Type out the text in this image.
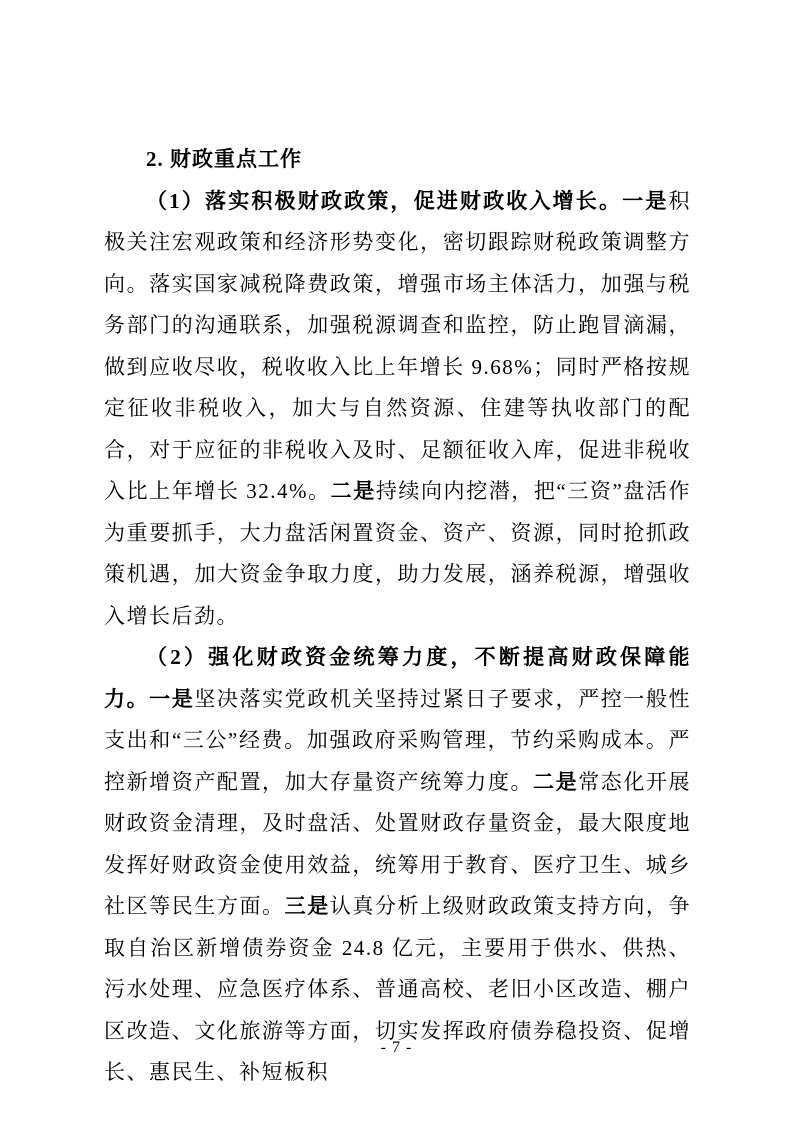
2. 财政重点工作

（1）落实积极财政政策，促进财政收入增长。一是积极关注宏观政策和经济形势变化，密切跟踪财税政策调整方向。落实国家减税降费政策，增强市场主体活力，加强与税务部门的沟通联系，加强税源调查和监控，防止跑冒滴漏，做到应收尽收，税收收入比上年增长 9.68%；同时严格按规定征收非税收入，加大与自然资源、住建等执收部门的配合，对于应征的非税收入及时、足额征收入库，促进非税收入比上年增长 32.4%。二是持续向内挖潜，把“三资”盘活作为重要抓手，大力盘活闲置资金、资产、资源，同时抢抓政策机遇，加大资金争取力度，助力发展，涵养税源，增强收入增长后劲。

（2）强化财政资金统筹力度，不断提高财政保障能力。一是坚决落实党政机关坚持过紧日子要求，严控一般性支出和“三公”经费。加强政府采购管理，节约采购成本。严控新增资产配置，加大存量资产统筹力度。二是常态化开展财政资金清理，及时盘活、处置财政存量资金，最大限度地发挥好财政资金使用效益，统筹用于教育、医疗卫生、城乡社区等民生方面。三是认真分析上级财政政策支持方向，争取自治区新增债券资金 24.8 亿元，主要用于供水、供热、污水处理、应急医疗体系、普通高校、老旧小区改造、棚户区改造、文化旅游等方面，切实发挥政府债券稳投资、促增长、惠民生、补短板积

- 7 -
